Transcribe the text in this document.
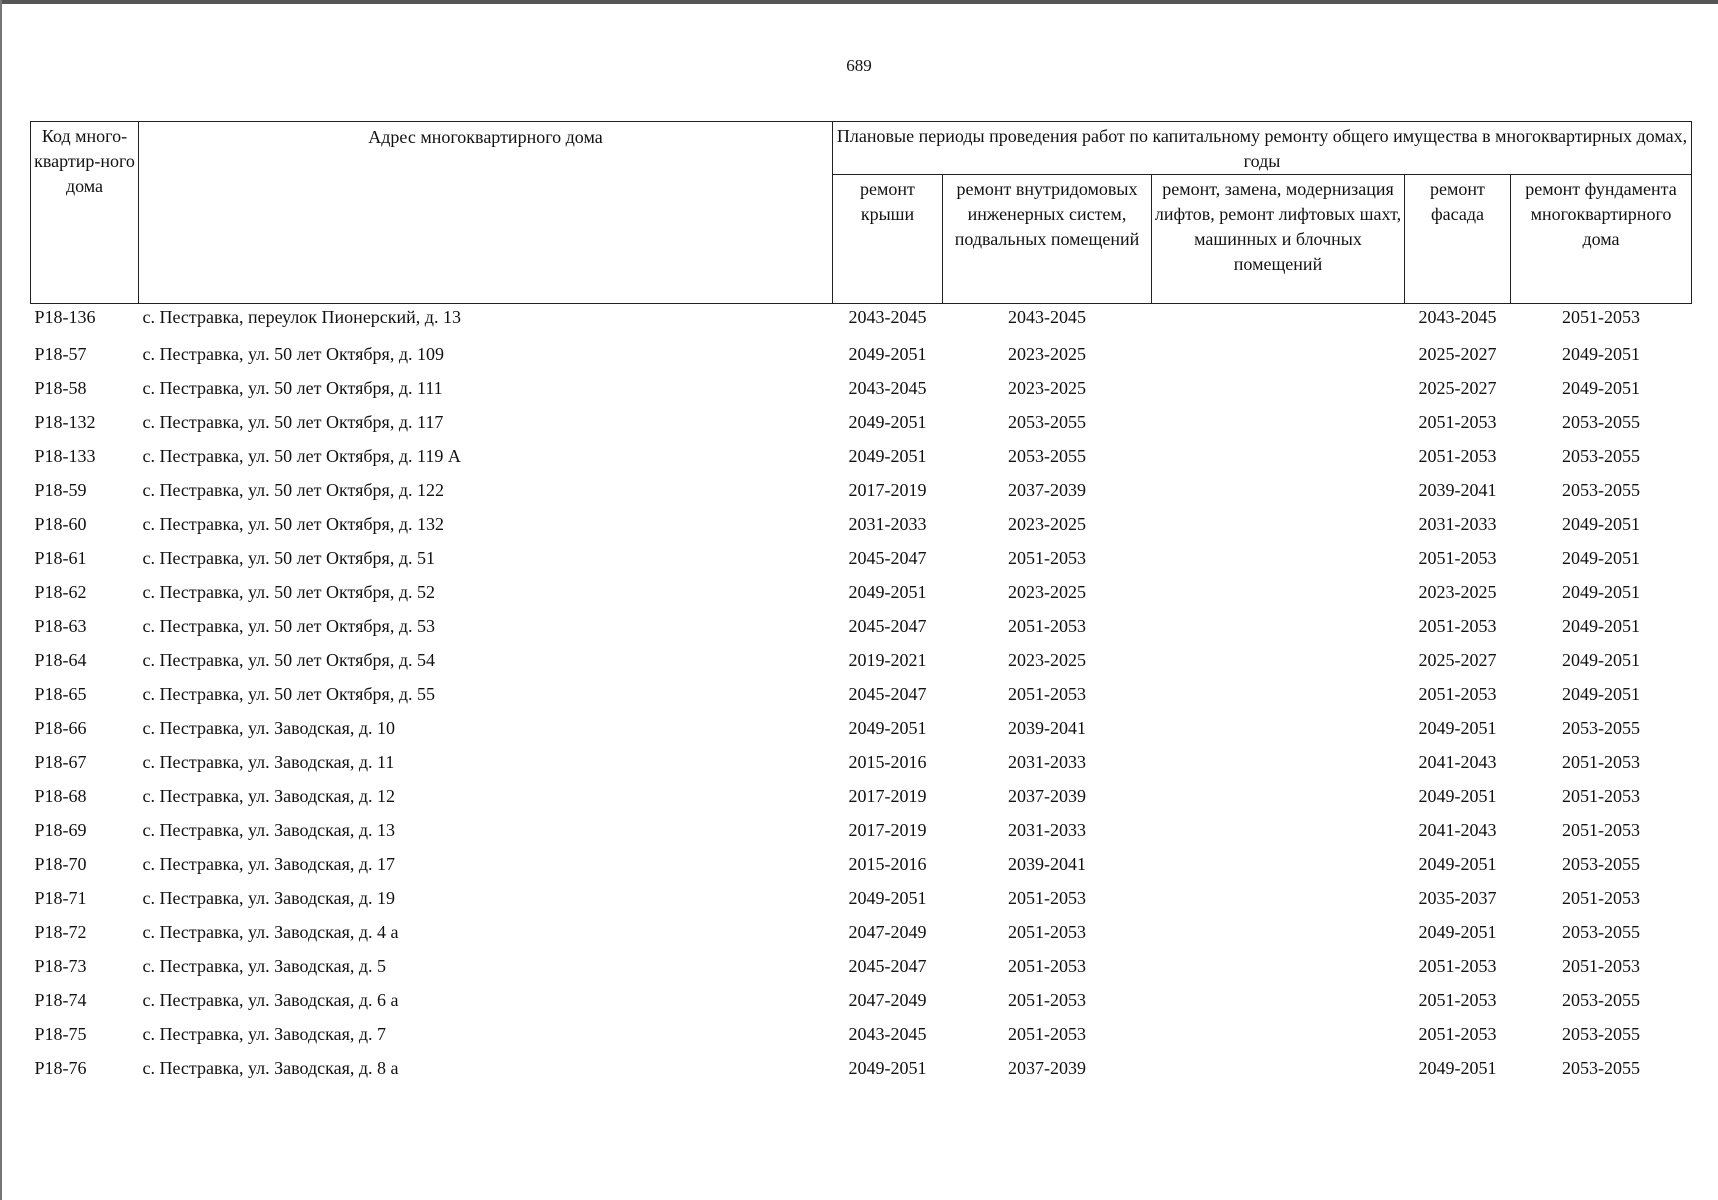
689
Код много-квартир-ного дома	Адрес многоквартирного дома	Плановые периоды проведения работ по капитальному ремонту общего имущества в многоквартирных домах, годы				
		ремонт крыши	ремонт внутридомовых инженерных систем, подвальных помещений	ремонт, замена, модернизация лифтов, ремонт лифтовых шахт, машинных и блочных помещений	ремонт фасада	ремонт фундамента многоквартирного дома
Р18-136	с. Пестравка, переулок Пионерский, д. 13	2043-2045	2043-2045		2043-2045	2051-2053
Р18-57	с. Пестравка, ул. 50 лет Октября, д. 109	2049-2051	2023-2025		2025-2027	2049-2051
Р18-58	с. Пестравка, ул. 50 лет Октября, д. 111	2043-2045	2023-2025		2025-2027	2049-2051
Р18-132	с. Пестравка, ул. 50 лет Октября, д. 117	2049-2051	2053-2055		2051-2053	2053-2055
Р18-133	с. Пестравка, ул. 50 лет Октября, д. 119 А	2049-2051	2053-2055		2051-2053	2053-2055
Р18-59	с. Пестравка, ул. 50 лет Октября, д. 122	2017-2019	2037-2039		2039-2041	2053-2055
Р18-60	с. Пестравка, ул. 50 лет Октября, д. 132	2031-2033	2023-2025		2031-2033	2049-2051
Р18-61	с. Пестравка, ул. 50 лет Октября, д. 51	2045-2047	2051-2053		2051-2053	2049-2051
Р18-62	с. Пестравка, ул. 50 лет Октября, д. 52	2049-2051	2023-2025		2023-2025	2049-2051
Р18-63	с. Пестравка, ул. 50 лет Октября, д. 53	2045-2047	2051-2053		2051-2053	2049-2051
Р18-64	с. Пестравка, ул. 50 лет Октября, д. 54	2019-2021	2023-2025		2025-2027	2049-2051
Р18-65	с. Пестравка, ул. 50 лет Октября, д. 55	2045-2047	2051-2053		2051-2053	2049-2051
Р18-66	с. Пестравка, ул. Заводская, д. 10	2049-2051	2039-2041		2049-2051	2053-2055
Р18-67	с. Пестравка, ул. Заводская, д. 11	2015-2016	2031-2033		2041-2043	2051-2053
Р18-68	с. Пестравка, ул. Заводская, д. 12	2017-2019	2037-2039		2049-2051	2051-2053
Р18-69	с. Пестравка, ул. Заводская, д. 13	2017-2019	2031-2033		2041-2043	2051-2053
Р18-70	с. Пестравка, ул. Заводская, д. 17	2015-2016	2039-2041		2049-2051	2053-2055
Р18-71	с. Пестравка, ул. Заводская, д. 19	2049-2051	2051-2053		2035-2037	2051-2053
Р18-72	с. Пестравка, ул. Заводская, д. 4 а	2047-2049	2051-2053		2049-2051	2053-2055
Р18-73	с. Пестравка, ул. Заводская, д. 5	2045-2047	2051-2053		2051-2053	2051-2053
Р18-74	с. Пестравка, ул. Заводская, д. 6 а	2047-2049	2051-2053		2051-2053	2053-2055
Р18-75	с. Пестравка, ул. Заводская, д. 7	2043-2045	2051-2053		2051-2053	2053-2055
Р18-76	с. Пестравка, ул. Заводская, д. 8 а	2049-2051	2037-2039		2049-2051	2053-2055
